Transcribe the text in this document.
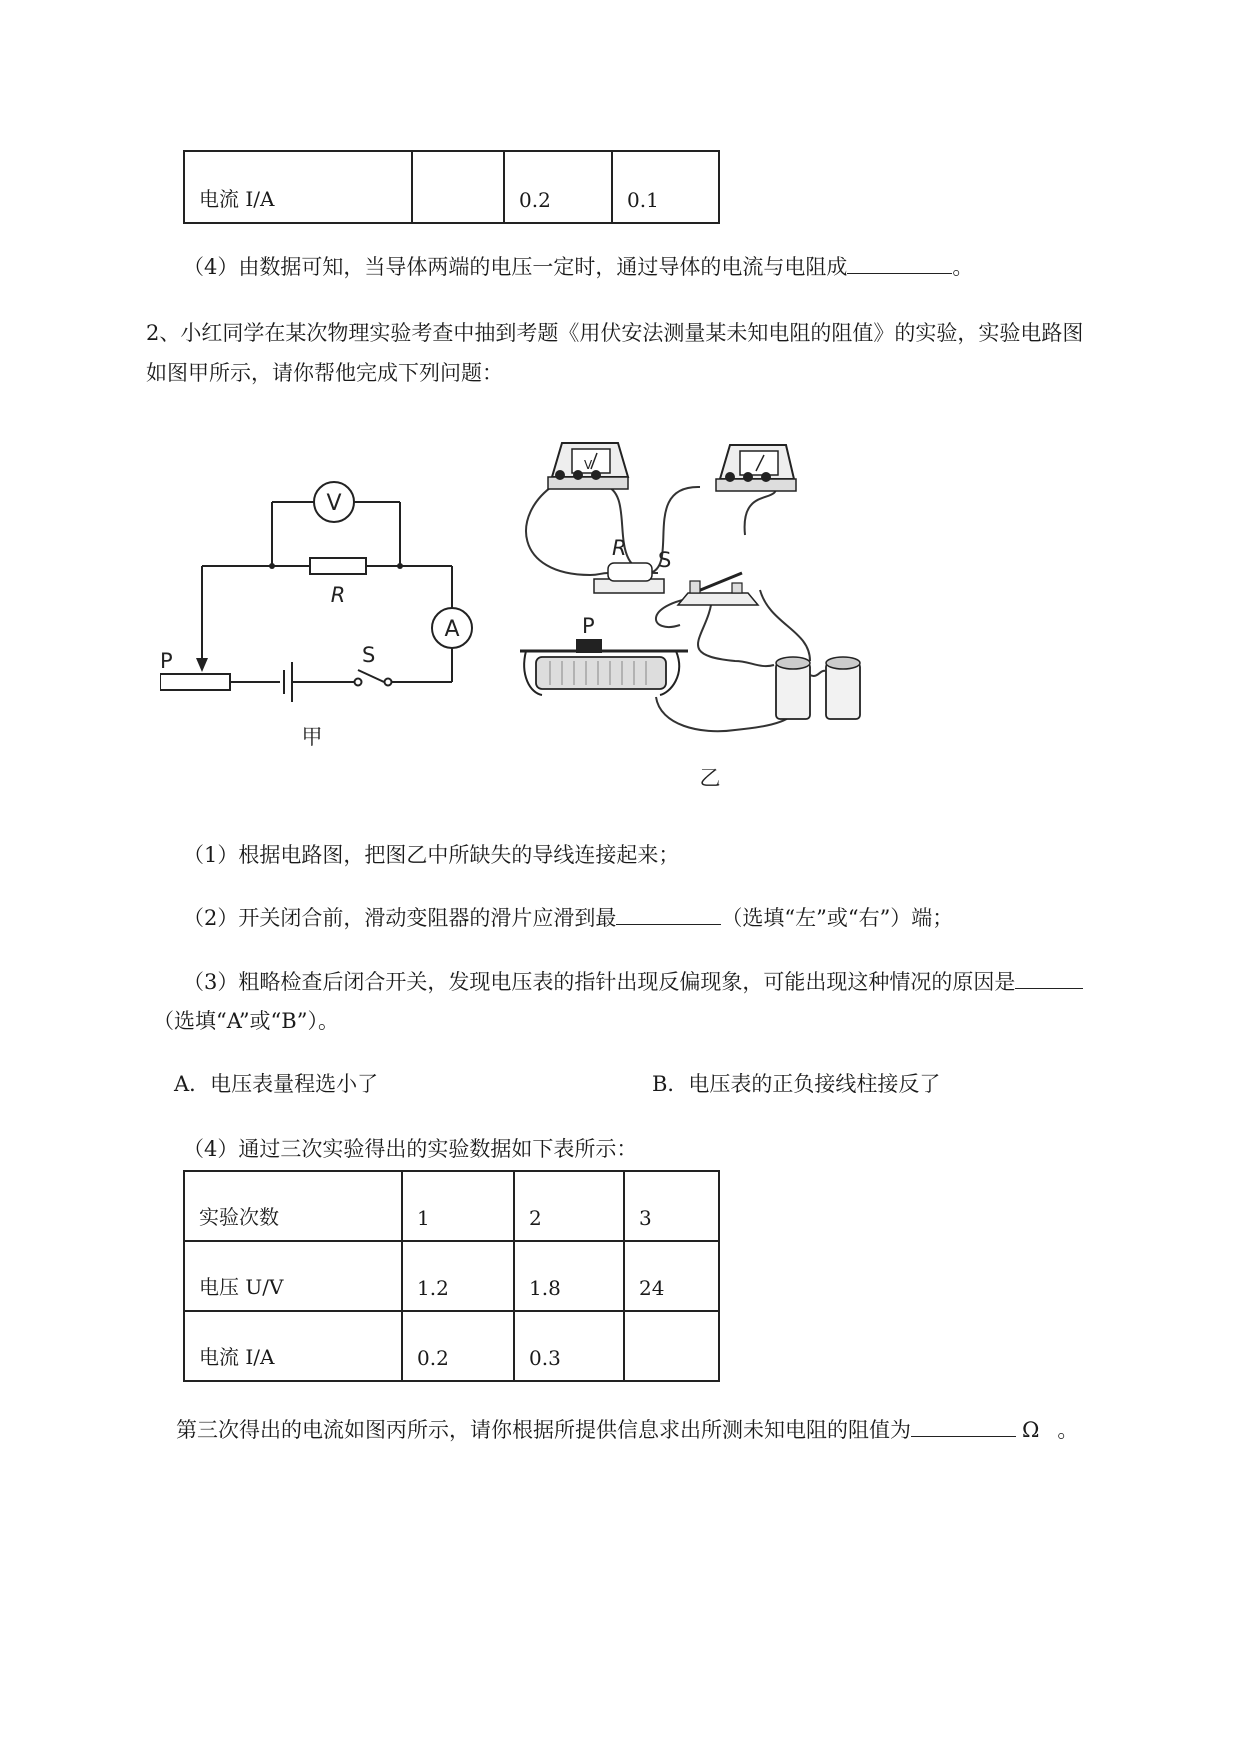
电流 I/A		0.2	0.1
（4）由数据可知，当导体两端的电压一定时，通过导体的电流与电阻成	。
2、小红同学在某次物理实验考查中抽到考题《用伏安法测量某未知电阻的阻值》的实验，实验电路图
如图甲所示，请你帮他完成下列问题：
V
A
R
P	S
甲
V
R S
P
乙
（1）根据电路图，把图乙中所缺失的导线连接起来；
（2）开关闭合前，滑动变阻器的滑片应滑到最	（选填“左”或“右”）端；
（3）粗略检查后闭合开关，发现电压表的指针出现反偏现象，可能出现这种情况的原因是
（选填“A”或“B”）。
A．电压表量程选小了	B．电压表的正负接线柱接反了
（4）通过三次实验得出的实验数据如下表所示：
实验次数	1	2	3
电压 U/V	1.2	1.8	24
电流 I/A	0.2	0.3	
第三次得出的电流如图丙所示，请你根据所提供信息求出所测未知电阻的阻值为	Ω 。
